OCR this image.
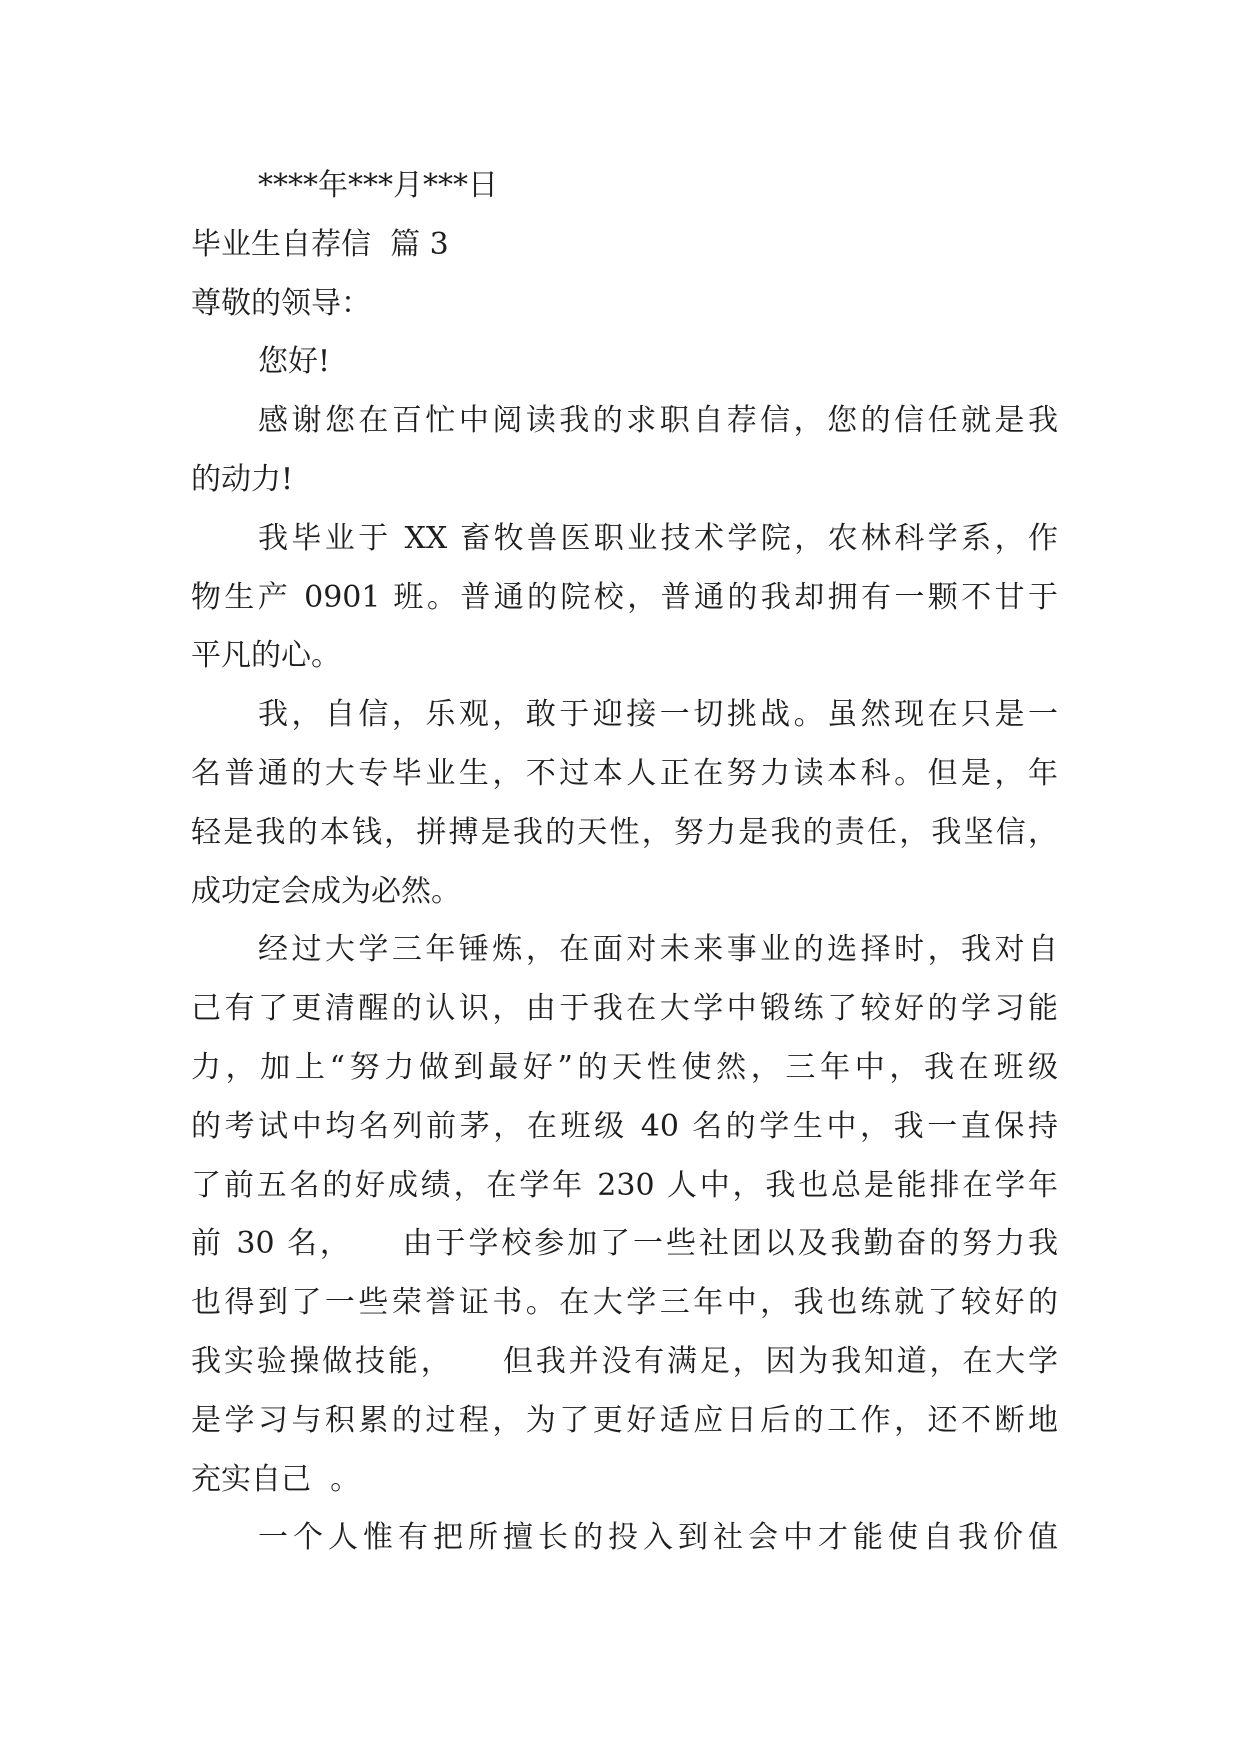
****年***月***日
毕业生自荐信  篇 3
尊敬的领导：
您好!
感谢您在百忙中阅读我的求职自荐信，您的信任就是我
的动力!
我毕业于 XX 畜牧兽医职业技术学院，农林科学系，作
物生产 0901 班。普通的院校，普通的我却拥有一颗不甘于
平凡的心。
我，自信，乐观，敢于迎接一切挑战。虽然现在只是一
名普通的大专毕业生，不过本人正在努力读本科。但是，年
轻是我的本钱，拼搏是我的天性，努力是我的责任，我坚信，
成功定会成为必然。
经过大学三年锤炼，在面对未来事业的选择时，我对自
己有了更清醒的认识，由于我在大学中锻练了较好的学习能
力，加上“努力做到最好”的天性使然，三年中，我在班级
的考试中均名列前茅，在班级 40 名的学生中，我一直保持
了前五名的好成绩，在学年 230 人中，我也总是能排在学年
前 30 名，    由于学校参加了一些社团以及我勤奋的努力我
也得到了一些荣誉证书。在大学三年中，我也练就了较好的
我实验操做技能，    但我并没有满足，因为我知道，在大学
是学习与积累的过程，为了更好适应日后的工作，还不断地
充实自己  。
一个人惟有把所擅长的投入到社会中才能使自我价值
